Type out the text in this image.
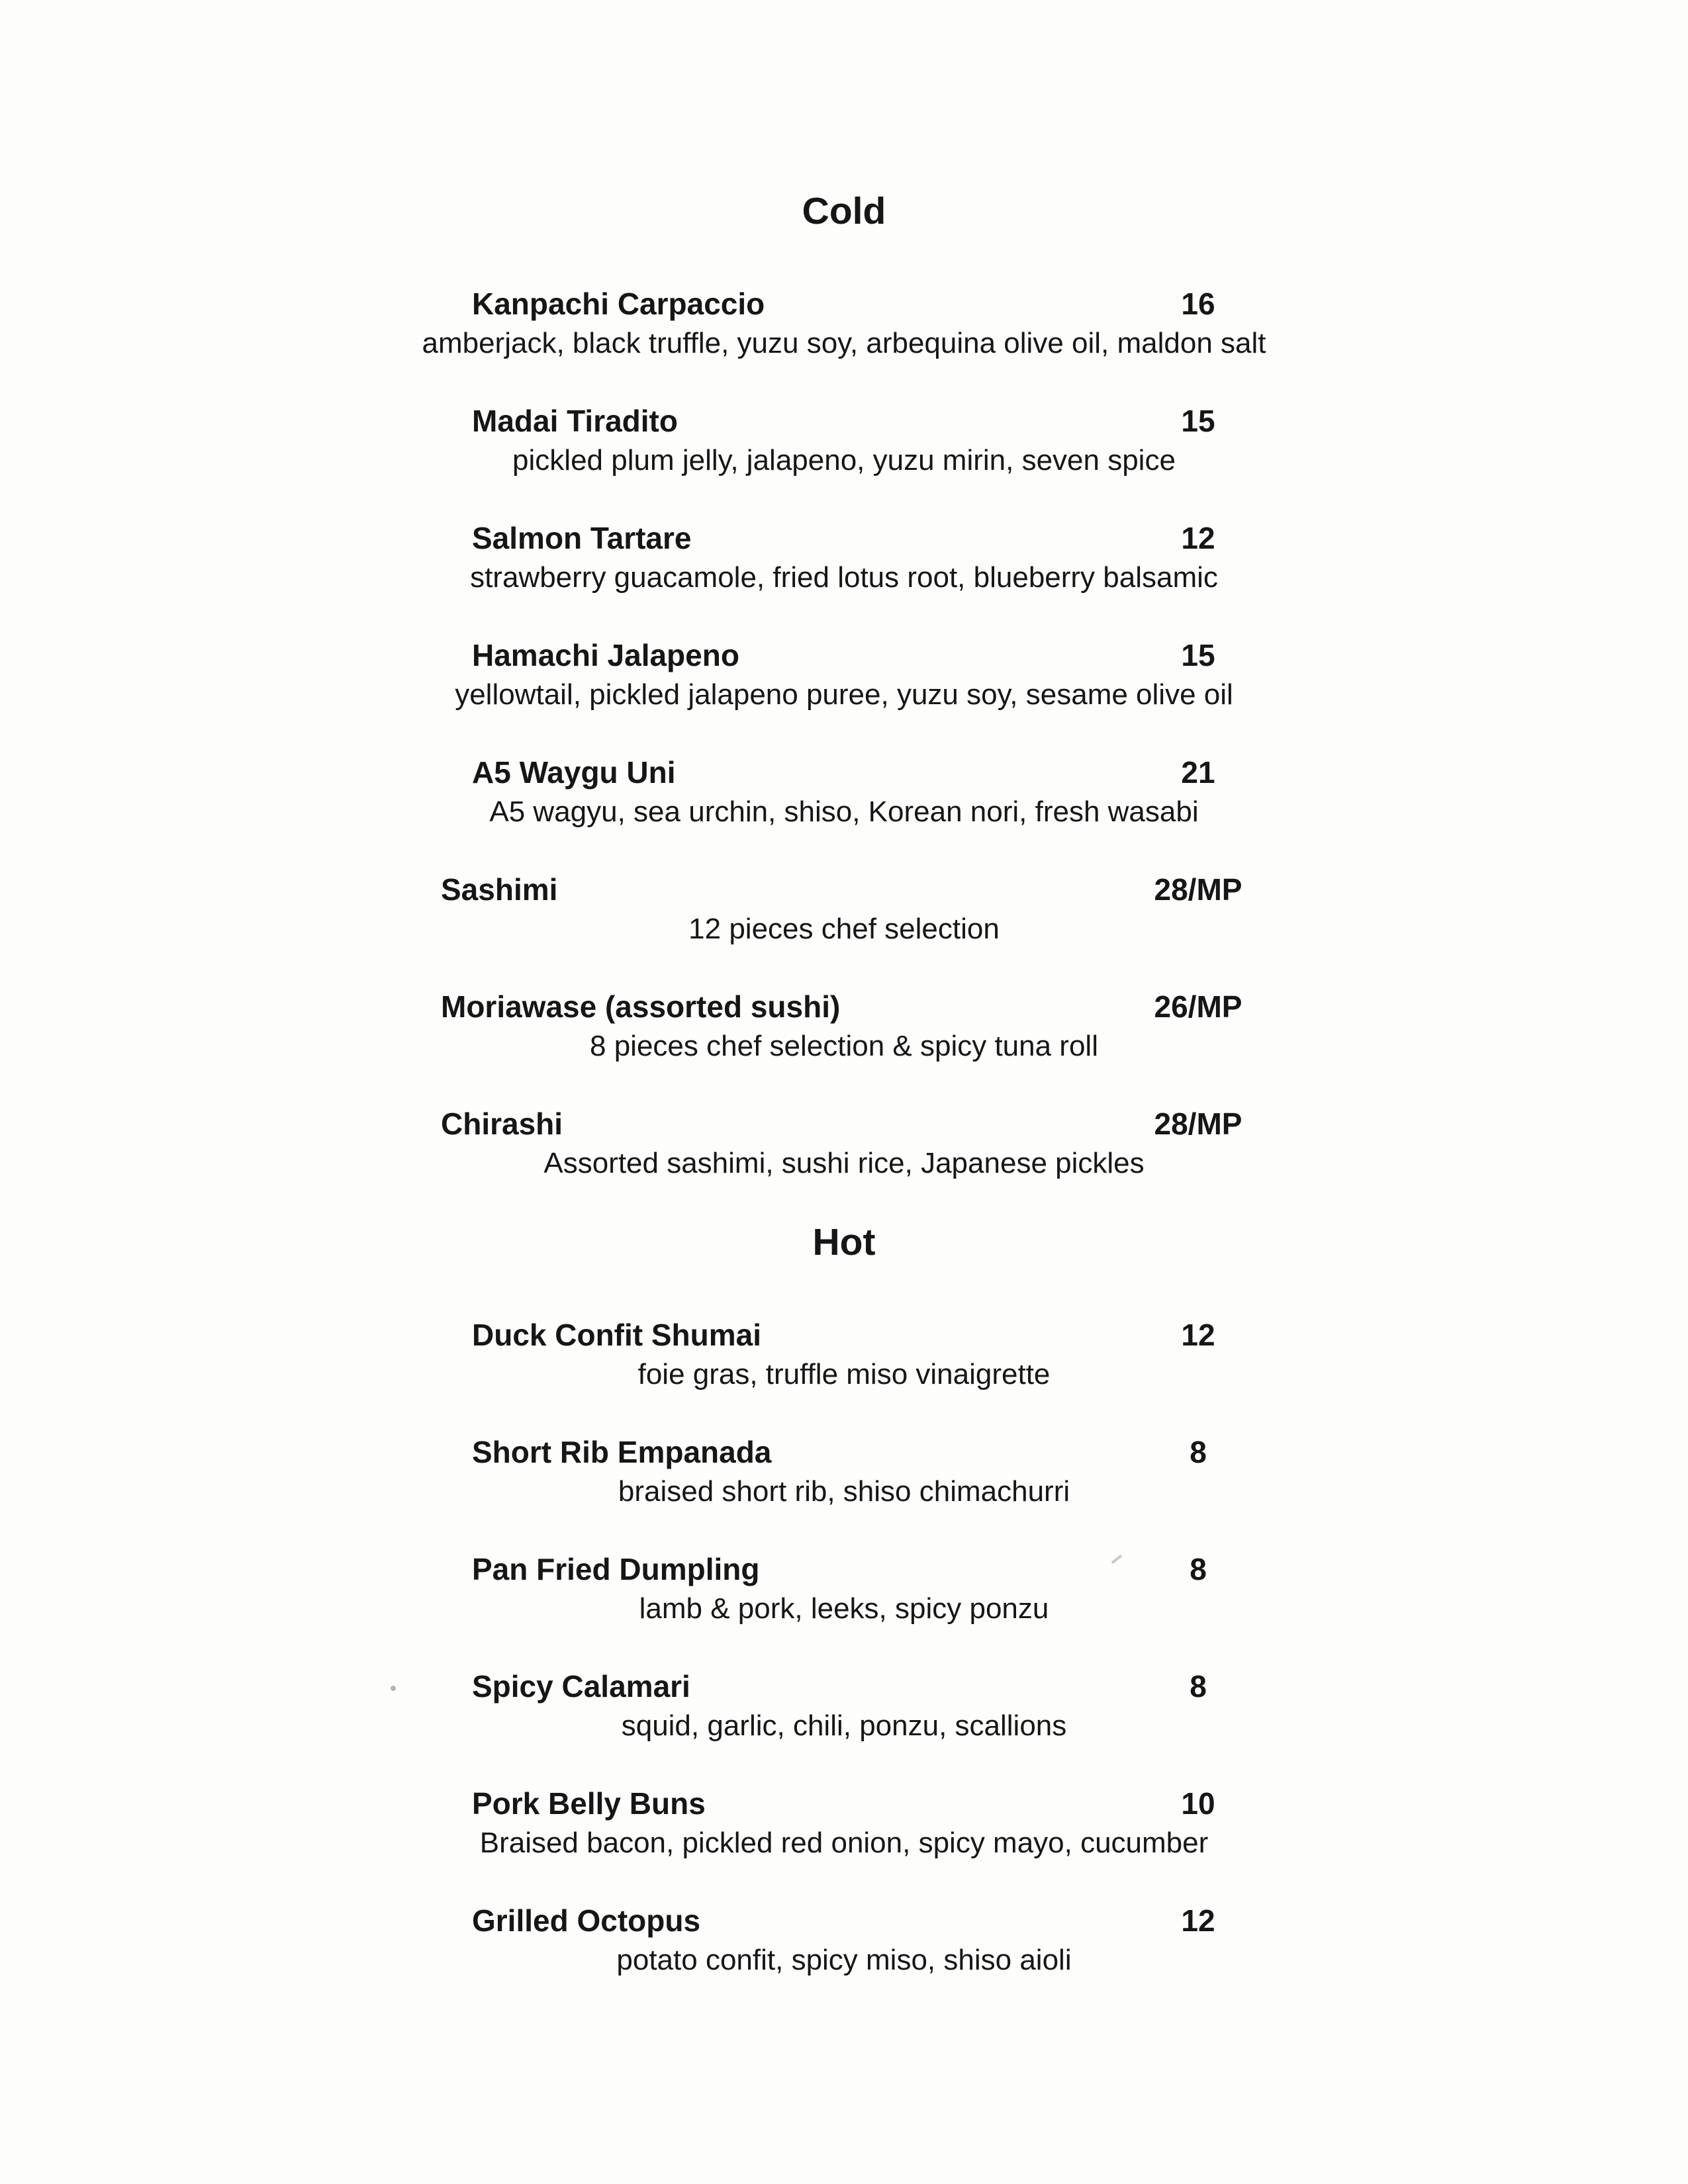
Cold
Kanpachi Carpaccio	16
amberjack, black truffle, yuzu soy, arbequina olive oil, maldon salt
Madai Tiradito	15
pickled plum jelly, jalapeno, yuzu mirin, seven spice
Salmon Tartare	12
strawberry guacamole, fried lotus root, blueberry balsamic
Hamachi Jalapeno	15
yellowtail, pickled jalapeno puree, yuzu soy, sesame olive oil
A5 Waygu Uni	21
A5 wagyu, sea urchin, shiso, Korean nori, fresh wasabi
Sashimi	28/MP
12 pieces chef selection
Moriawase (assorted sushi)	26/MP
8 pieces chef selection & spicy tuna roll
Chirashi	28/MP
Assorted sashimi, sushi rice, Japanese pickles
Hot
Duck Confit Shumai	12
foie gras, truffle miso vinaigrette
Short Rib Empanada	8
braised short rib, shiso chimachurri
Pan Fried Dumpling	8
lamb & pork, leeks, spicy ponzu
Spicy Calamari	8
squid, garlic, chili, ponzu, scallions
Pork Belly Buns	10
Braised bacon, pickled red onion, spicy mayo, cucumber
Grilled Octopus	12
potato confit, spicy miso, shiso aioli
